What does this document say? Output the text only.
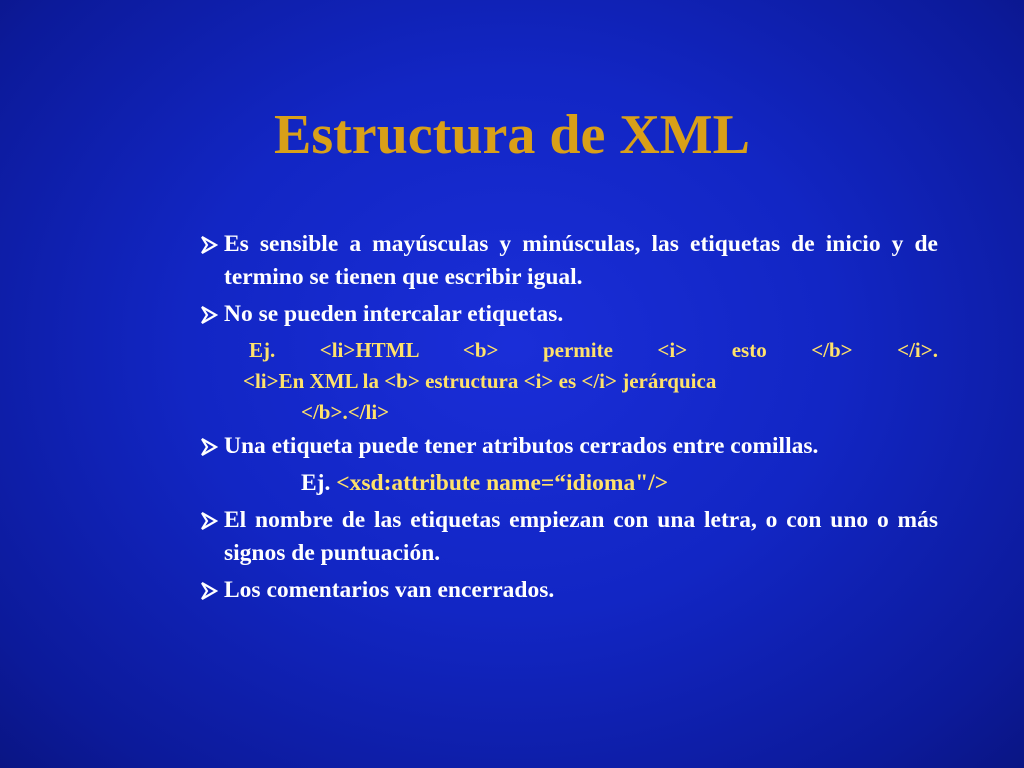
Estructura de XML
Es sensible a mayúsculas y minúsculas, las etiquetas de inicio y de termino se tienen que escribir igual.
No se pueden intercalar etiquetas.
Ej. <li>HTML <b> permite <i> esto </b> </i>.
<li>En XML la <b> estructura <i> es </i> jerárquica
</b>.</li>
Una etiqueta puede tener atributos cerrados entre comillas.
Ej. <xsd:attribute name=“idioma"/>
El nombre de las etiquetas empiezan con una letra, o con uno o más signos de puntuación.
Los comentarios van encerrados.
